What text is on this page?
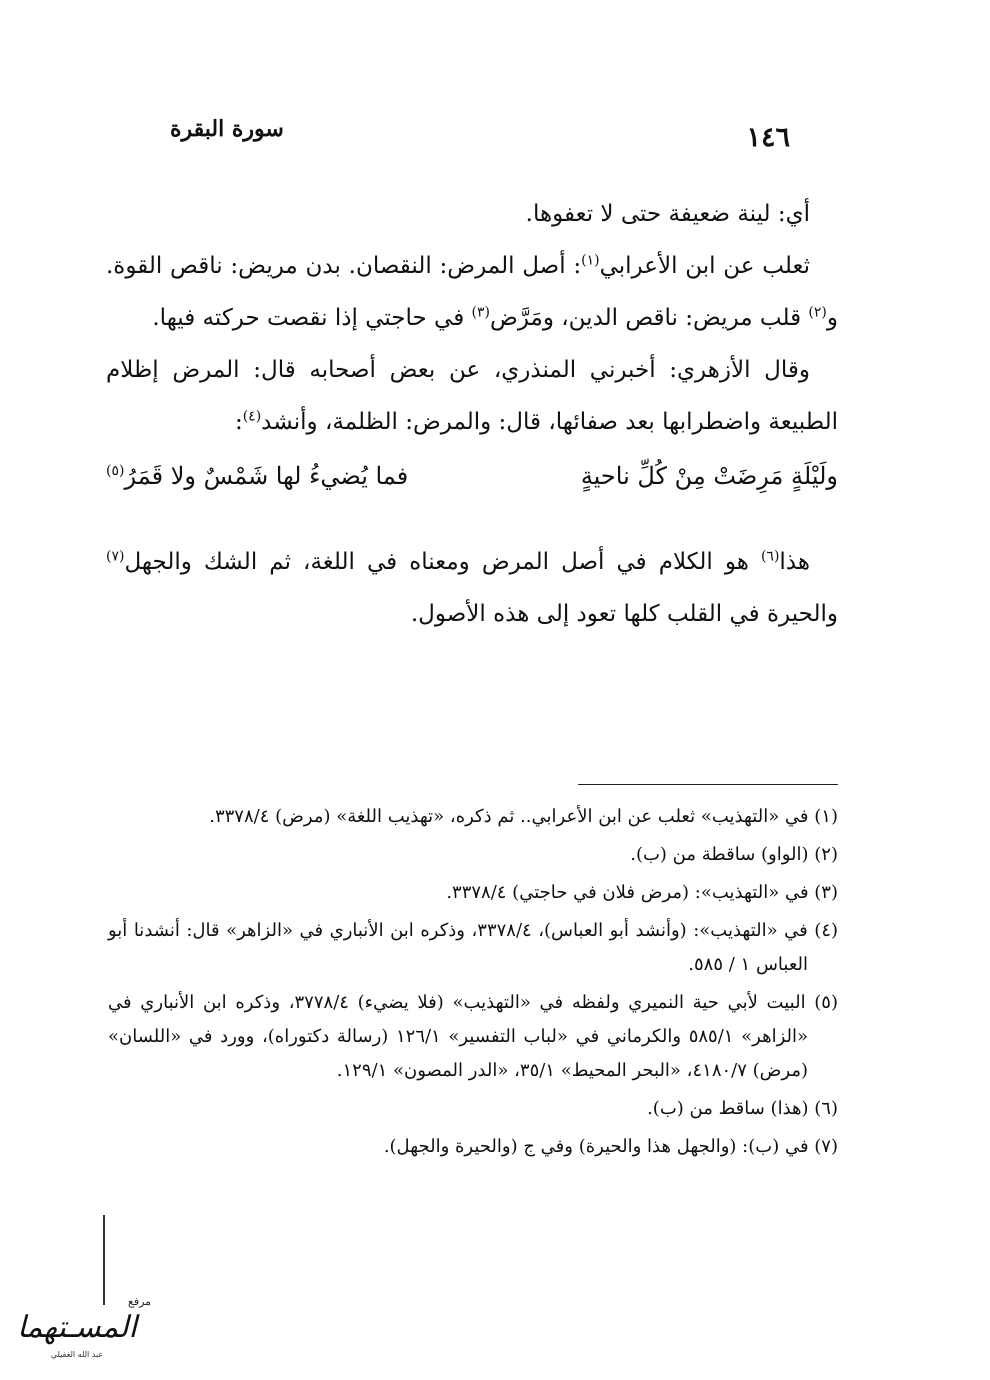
١٤٦
سورة البقرة

أي: لينة ضعيفة حتى لا تعفوها.

ثعلب عن ابن الأعرابي$^{(١)}$: أصل المرض: النقصان. بدن مريض: ناقص القوة. و$^{(٢)}$ قلب مريض: ناقص الدين، ومَرَّض$^{(٣)}$ في حاجتي إذا نقصت حركته فيها.

وقال الأزهري: أخبرني المنذري، عن بعض أصحابه قال: المرض إظلام الطبيعة واضطرابها بعد صفائها، قال: والمرض: الظلمة، وأنشد$^{(٤)}$:

ولَيْلَةٍ مَرِضَتْ مِنْ كُلِّ ناحيةٍ
فما يُضيءُ لها شَمْسٌ ولا قَمَرُ$^{(٥)}$

هذا$^{(٦)}$ هو الكلام في أصل المرض ومعناه في اللغة، ثم الشك والجهل$^{(٧)}$ والحيرة في القلب كلها تعود إلى هذه الأصول.

(١) في «التهذيب» ثعلب عن ابن الأعرابي.. ثم ذكره، «تهذيب اللغة» (مرض) ٣٣٧٨/٤.

(٢) (الواو) ساقطة من (ب).

(٣) في «التهذيب»: (مرض فلان في حاجتي) ٣٣٧٨/٤.

(٤) في «التهذيب»: (وأنشد أبو العباس)، ٣٣٧٨/٤، وذكره ابن الأنباري في «الزاهر» قال: أنشدنا أبو العباس ١ / ٥٨٥.

(٥) البيت لأبي حية النميري ولفظه في «التهذيب» (فلا يضيء) ٣٧٧٨/٤، وذكره ابن الأنباري في «الزاهر» ٥٨٥/١ والكرماني في «لباب التفسير» ١٢٦/١ (رسالة دكتوراه)، وورد في «اللسان» (مرض) ٤١٨٠/٧، «البحر المحيط» ٣٥/١، «الدر المصون» ١٢٩/١.

(٦) (هذا) ساقط من (ب).

(٧) في (ب): (والجهل هذا والحيرة) وفي ج (والحيرة والجهل).

مرفع
المسـتهما
عبد الله الغفيلي
